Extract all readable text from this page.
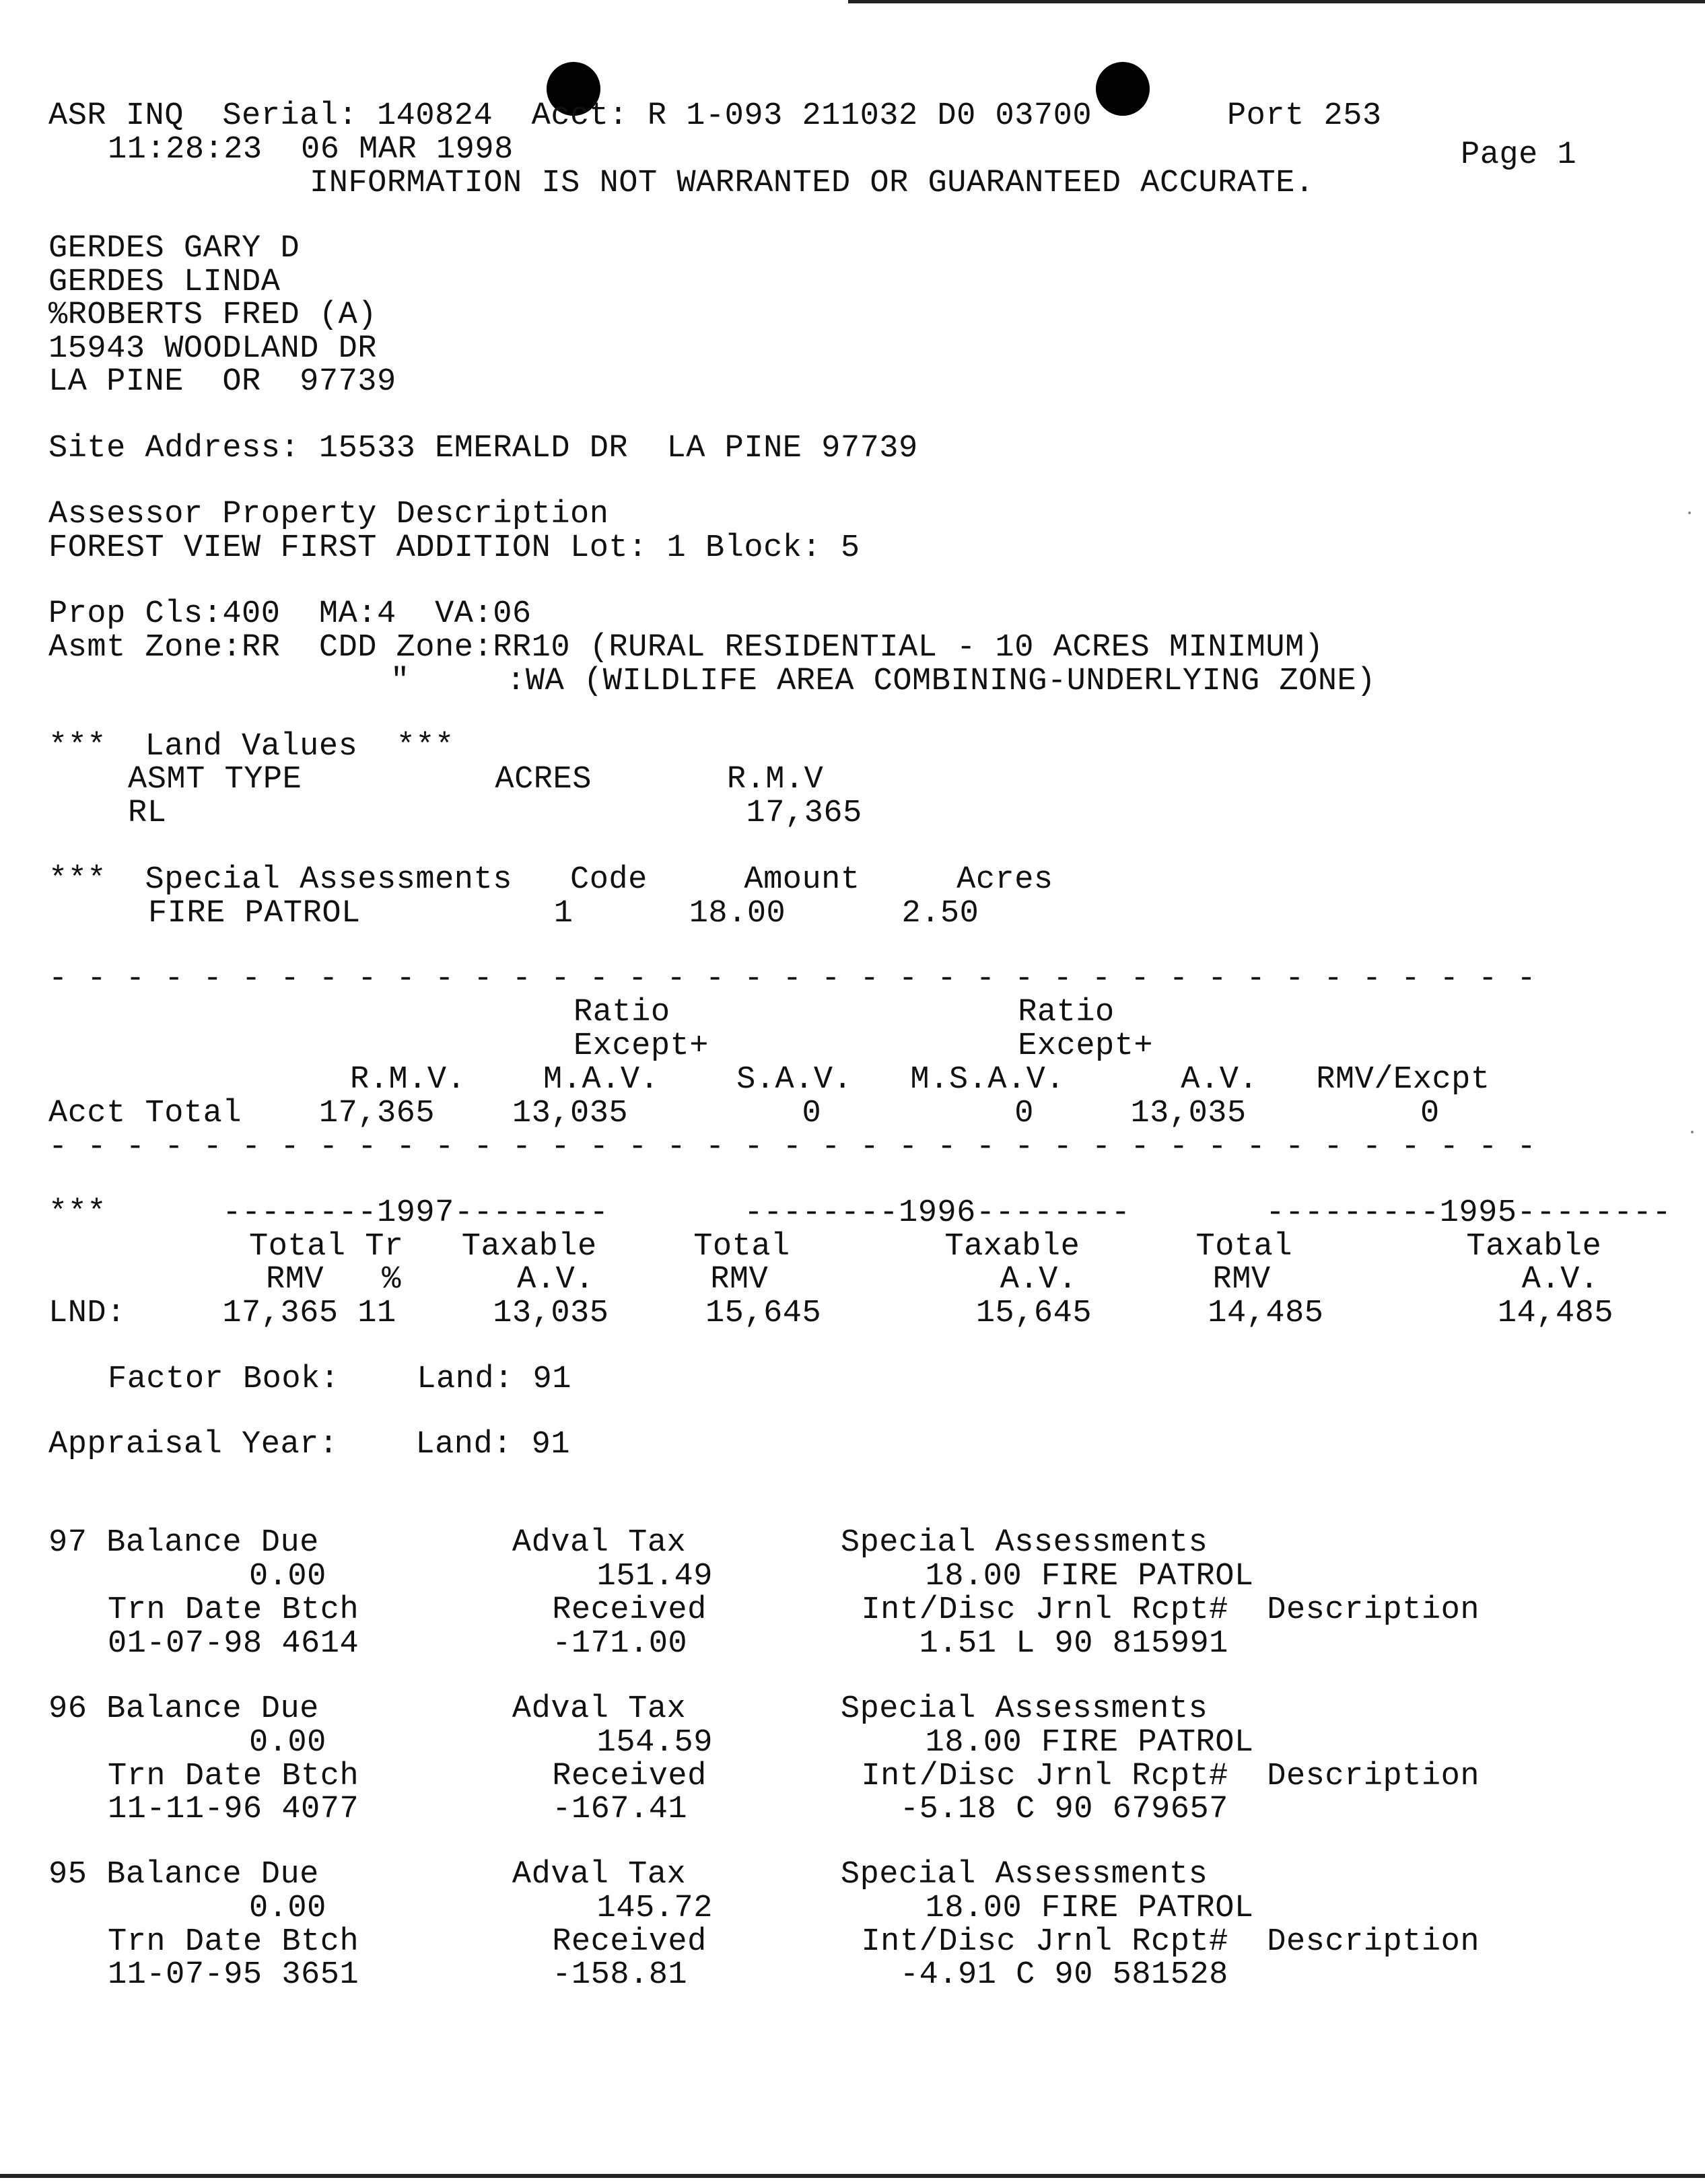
ASR INQ  Serial: 140824  Acct: R 1-093 211032 D0 03700       Port 253
11:28:23  06 MAR 1998	Page 1
INFORMATION IS NOT WARRANTED OR GUARANTEED ACCURATE.
GERDES GARY D
GERDES LINDA
%ROBERTS FRED (A)
15943 WOODLAND DR
LA PINE  OR  97739
Site Address: 15533 EMERALD DR  LA PINE 97739
Assessor Property Description
FOREST VIEW FIRST ADDITION Lot: 1 Block: 5
Prop Cls:400  MA:4  VA:06
Asmt Zone:RR  CDD Zone:RR10 (RURAL RESIDENTIAL - 10 ACRES MINIMUM)
"     :WA (WILDLIFE AREA COMBINING-UNDERLYING ZONE)
***  Land Values  ***
ASMT TYPE          ACRES       R.M.V
RL                              17,365
***  Special Assessments   Code     Amount     Acres
FIRE PATROL          1      18.00      2.50
- - - - - - - - - - - - - - - - - - - - - - - - - - - - - - - - - - - - - - -
Ratio                  Ratio
Except+                Except+
R.M.V.    M.A.V.    S.A.V.   M.S.A.V.      A.V.   RMV/Excpt
Acct Total    17,365    13,035         0          0     13,035         0
- - - - - - - - - - - - - - - - - - - - - - - - - - - - - - - - - - - - - - -
***      --------1997--------       --------1996--------       ---------1995--------
Total Tr   Taxable     Total        Taxable      Total         Taxable
RMV   %      A.V.      RMV            A.V.       RMV             A.V.
LND:     17,365 11     13,035     15,645        15,645      14,485         14,485
Factor Book:    Land: 91
Appraisal Year:    Land: 91
97 Balance Due          Adval Tax        Special Assessments
0.00              151.49           18.00 FIRE PATROL
Trn Date Btch          Received        Int/Disc Jrnl Rcpt#  Description
01-07-98 4614          -171.00            1.51 L 90 815991
96 Balance Due          Adval Tax        Special Assessments
0.00              154.59           18.00 FIRE PATROL
Trn Date Btch          Received        Int/Disc Jrnl Rcpt#  Description
11-11-96 4077          -167.41           -5.18 C 90 679657
95 Balance Due          Adval Tax        Special Assessments
0.00              145.72           18.00 FIRE PATROL
Trn Date Btch          Received        Int/Disc Jrnl Rcpt#  Description
11-07-95 3651          -158.81           -4.91 C 90 581528
